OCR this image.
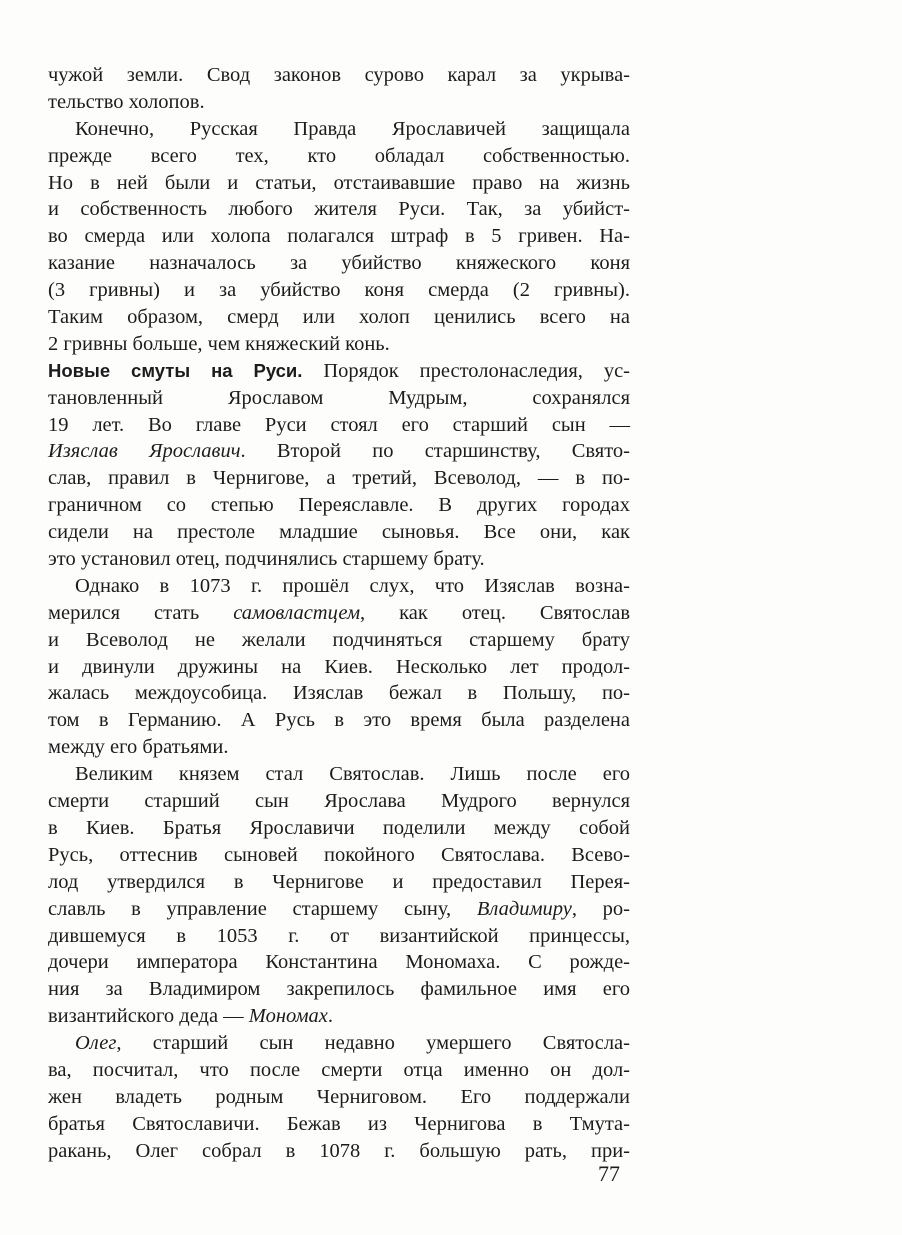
чужой земли. Свод законов сурово карал за укрыва-
тельство холопов.
Конечно, Русская Правда Ярославичей защищала
прежде всего тех, кто обладал собственностью.
Но в ней были и статьи, отстаивавшие право на жизнь
и собственность любого жителя Руси. Так, за убийст-
во смерда или холопа полагался штраф в 5 гривен. На-
казание назначалось за убийство княжеского коня
(3 гривны) и за убийство коня смерда (2 гривны).
Таким образом, смерд или холоп ценились всего на
2 гривны больше, чем княжеский конь.
Новые смуты на Руси. Порядок престолонаследия, ус-
тановленный Ярославом Мудрым, сохранялся
19 лет. Во главе Руси стоял его старший сын —
Изяслав Ярославич. Второй по старшинству, Свято-
слав, правил в Чернигове, а третий, Всеволод, — в по-
граничном со степью Переяславле. В других городах
сидели на престоле младшие сыновья. Все они, как
это установил отец, подчинялись старшему брату.
Однако в 1073 г. прошёл слух, что Изяслав возна-
мерился стать самовластцем, как отец. Святослав
и Всеволод не желали подчиняться старшему брату
и двинули дружины на Киев. Несколько лет продол-
жалась междоусобица. Изяслав бежал в Польшу, по-
том в Германию. А Русь в это время была разделена
между его братьями.
Великим князем стал Святослав. Лишь после его
смерти старший сын Ярослава Мудрого вернулся
в Киев. Братья Ярославичи поделили между собой
Русь, оттеснив сыновей покойного Святослава. Всево-
лод утвердился в Чернигове и предоставил Перея-
славль в управление старшему сыну, Владимиру, ро-
дившемуся в 1053 г. от византийской принцессы,
дочери императора Константина Мономаха. С рожде-
ния за Владимиром закрепилось фамильное имя его
византийского деда — Мономах.
Олег, старший сын недавно умершего Святосла-
ва, посчитал, что после смерти отца именно он дол-
жен владеть родным Черниговом. Его поддержали
братья Святославичи. Бежав из Чернигова в Тмута-
ракань, Олег собрал в 1078 г. большую рать, при-
77
